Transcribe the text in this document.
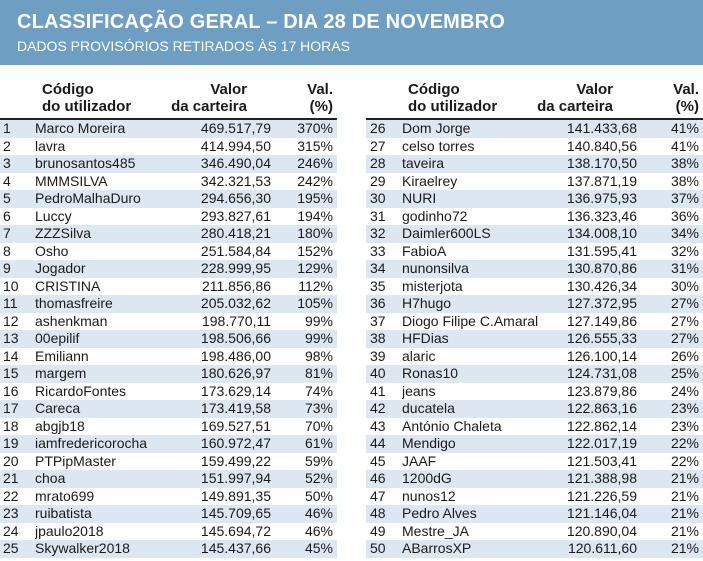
CLASSIFICAÇÃO GERAL – DIA 28 DE NOVEMBRO
DADOS PROVISÓRIOS RETIRADOS ÀS 17 HORAS
Código
do utilizador
Valor
da carteira
Val.
(%)
1	Marco Moreira	469.517,79 370%
2	lavra	414.994,50 315%
3	brunosantos485	346.490,04 246%
4	MMMSILVA	342.321,53 242%
5	PedroMalhaDuro	294.656,30 195%
6	Luccy	293.827,61 194%
7	ZZZSilva	280.418,21 180%
8	Osho	251.584,84 152%
9	Jogador	228.999,95 129%
10	CRISTINA	211.856,86 112%
11	thomasfreire	205.032,62 105%
12	ashenkman	198.770,11 99%
13	00epilif	198.506,66 99%
14	Emiliann	198.486,00 98%
15	margem	180.626,97 81%
16	RicardoFontes	173.629,14 74%
17	Careca	173.419,58 73%
18	abgjb18	169.527,51 70%
19	iamfredericorocha	160.972,47 61%
20	PTPipMaster	159.499,22 59%
21	choa	151.997,94 52%
22	mrato699	149.891,35 50%
23	ruibatista	145.709,65 46%
24	jpaulo2018	145.694,72 46%
25	Skywalker2018	145.437,66 45%
Código
do utilizador
Valor
da carteira
Val.
(%)
26	Dom Jorge	141.433,68 41%
27	celso torres	140.840,56 41%
28	taveira	138.170,50 38%
29	Kiraelrey	137.871,19 38%
30	NURI	136.975,93 37%
31	godinho72	136.323,46 36%
32	Daimler600LS	134.008,10 34%
33	FabioA	131.595,41 32%
34	nunonsilva	130.870,86 31%
35	misterjota	130.426,34 30%
36	H7hugo	127.372,95 27%
37	Diogo Filipe C.Amaral	127.149,86 27%
38	HFDias	126.555,33 27%
39	alaric	126.100,14 26%
40	Ronas10	124.731,08 25%
41	jeans	123.879,86 24%
42	ducatela	122.863,16 23%
43	António Chaleta	122.862,14 23%
44	Mendigo	122.017,19 22%
45	JAAF	121.503,41 22%
46	1200dG	121.388,98 21%
47	nunos12	121.226,59 21%
48	Pedro Alves	121.146,04 21%
49	Mestre_JA	120.890,04 21%
50	ABarrosXP	120.611,60 21%
